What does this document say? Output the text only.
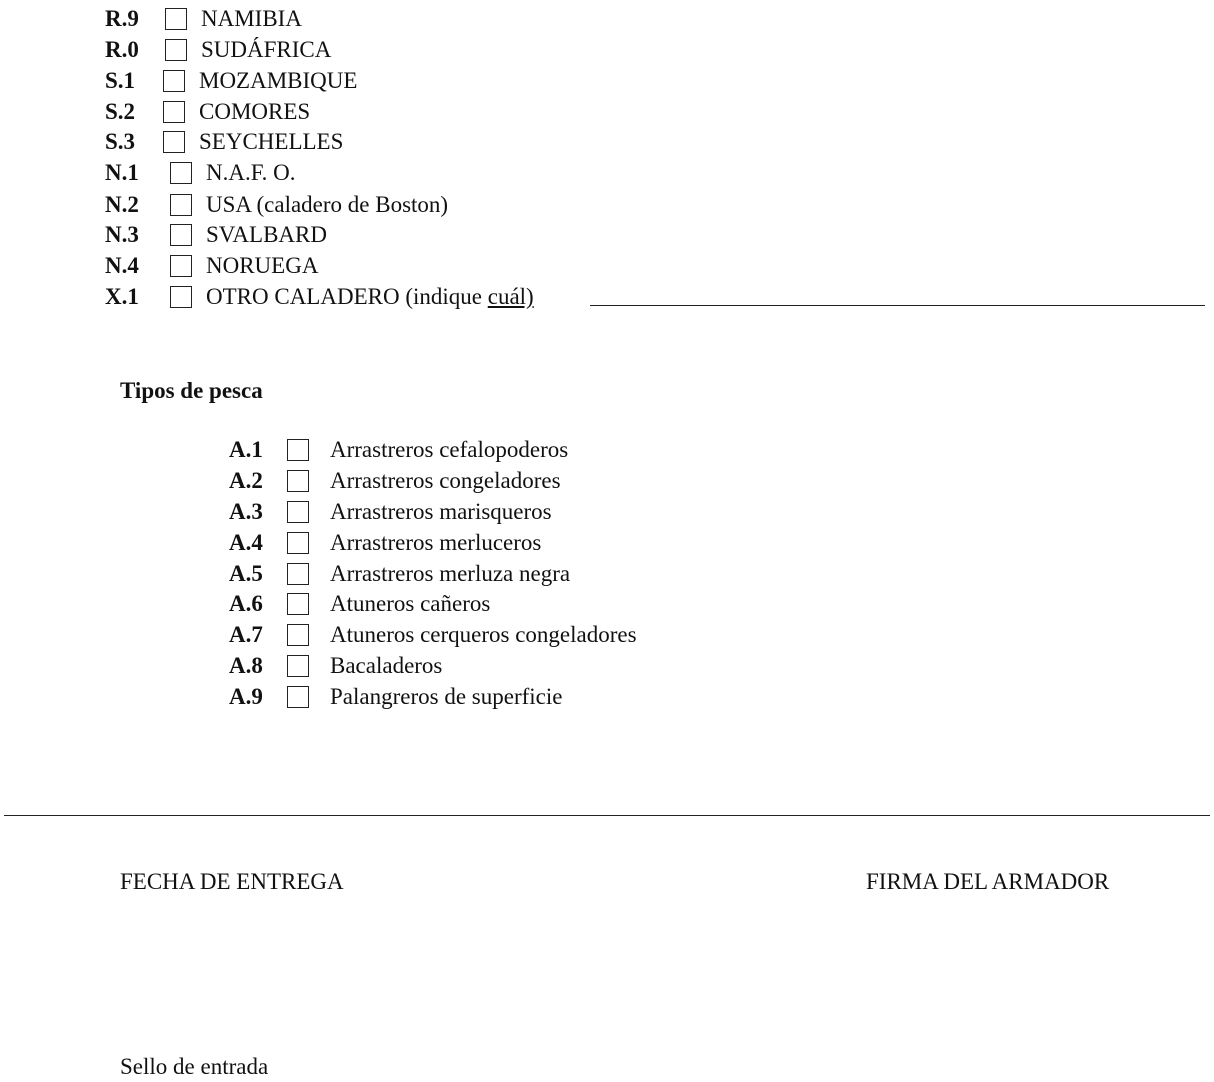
R.9	NAMIBIA
R.0	SUDÁFRICA
S.1	MOZAMBIQUE
S.2	COMORES
S.3	SEYCHELLES
N.1	N.A.F. O.
N.2	USA (caladero de Boston)
N.3	SVALBARD
N.4	NORUEGA
X.1	OTRO CALADERO (indique cuál)
Tipos de pesca
A.1	Arrastreros cefalopoderos
A.2	Arrastreros congeladores
A.3	Arrastreros marisqueros
A.4	Arrastreros merluceros
A.5	Arrastreros merluza negra
A.6	Atuneros cañeros
A.7	Atuneros cerqueros congeladores
A.8	Bacaladeros
A.9	Palangreros de superficie
FECHA DE ENTREGA	FIRMA DEL ARMADOR
Sello de entrada
